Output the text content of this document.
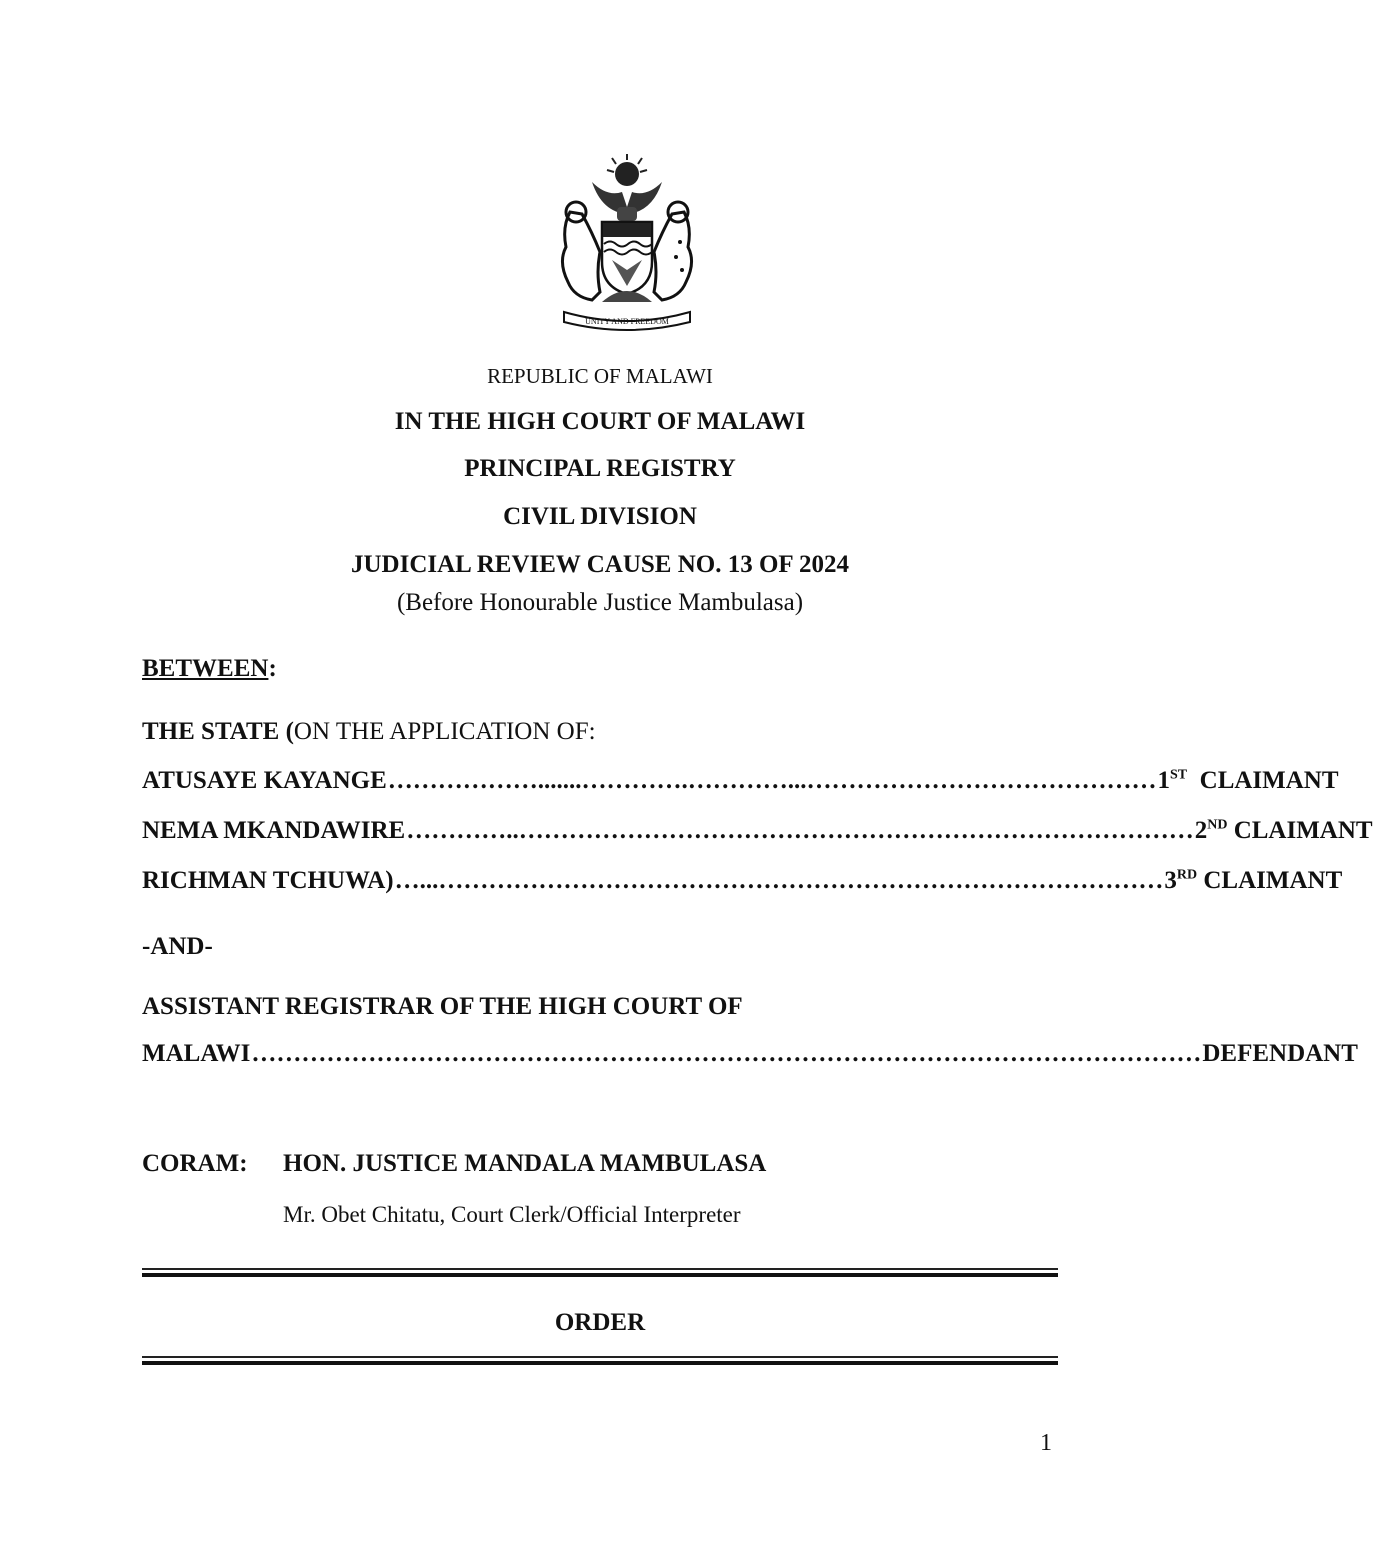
UNITY AND FREEDOM
REPUBLIC OF MALAWI
IN THE HIGH COURT OF MALAWI
PRINCIPAL REGISTRY
CIVIL DIVISION
JUDICIAL REVIEW CAUSE NO. 13 OF 2024
(Before Honourable Justice Mambulasa)
BETWEEN:
THE STATE (ON THE APPLICATION OF:
ATUSAYE KAYANGE ……………….......………….…………...…………………………………… 1ST CLAIMANT
NEMA MKANDAWIRE …………..……………………………………………………………………… 2ND CLAIMANT
RICHMAN TCHUWA) …...…………………………………………………………………………… 3RD CLAIMANT
-AND-
ASSISTANT REGISTRAR OF THE HIGH COURT OF
MALAWI …………………………………………………………………………………………………… DEFENDANT
CORAM: HON. JUSTICE MANDALA MAMBULASA
Mr. Obet Chitatu, Court Clerk/Official Interpreter
ORDER
1
